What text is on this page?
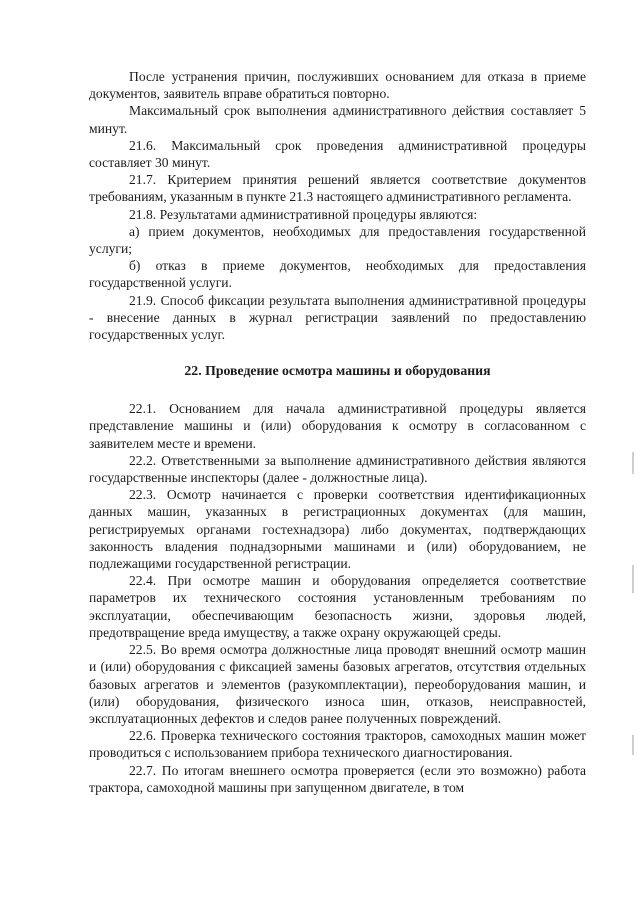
После устранения причин, послуживших основанием для отказа в приеме документов, заявитель вправе обратиться повторно.

Максимальный срок выполнения административного действия составляет 5 минут.

21.6. Максимальный срок проведения административной процедуры составляет 30 минут.

21.7. Критерием принятия решений является соответствие документов требованиям, указанным в пункте 21.3 настоящего административного регламента.

21.8. Результатами административной процедуры являются:

а) прием документов, необходимых для предоставления государственной услуги;

б) отказ в приеме документов, необходимых для предоставления государственной услуги.

21.9. Способ фиксации результата выполнения административной процедуры - внесение данных в журнал регистрации заявлений по предоставлению государственных услуг.

22. Проведение осмотра машины и оборудования

22.1. Основанием для начала административной процедуры является представление машины и (или) оборудования к осмотру в согласованном с заявителем месте и времени.

22.2. Ответственными за выполнение административного действия являются государственные инспекторы (далее - должностные лица).

22.3. Осмотр начинается с проверки соответствия идентификационных данных машин, указанных в регистрационных документах (для машин, регистрируемых органами гостехнадзора) либо документах, подтверждающих законность владения поднадзорными машинами и (или) оборудованием, не подлежащими государственной регистрации.

22.4. При осмотре машин и оборудования определяется соответствие параметров их технического состояния установленным требованиям по эксплуатации, обеспечивающим безопасность жизни, здоровья людей, предотвращение вреда имуществу, а также охрану окружающей среды.

22.5. Во время осмотра должностные лица проводят внешний осмотр машин и (или) оборудования с фиксацией замены базовых агрегатов, отсутствия отдельных базовых агрегатов и элементов (разукомплектации), переоборудования машин, и (или) оборудования, физического износа шин, отказов, неисправностей, эксплуатационных дефектов и следов ранее полученных повреждений.

22.6. Проверка технического состояния тракторов, самоходных машин может проводиться с использованием прибора технического диагностирования.

22.7. По итогам внешнего осмотра проверяется (если это возможно) работа трактора, самоходной машины при запущенном двигателе, в том
